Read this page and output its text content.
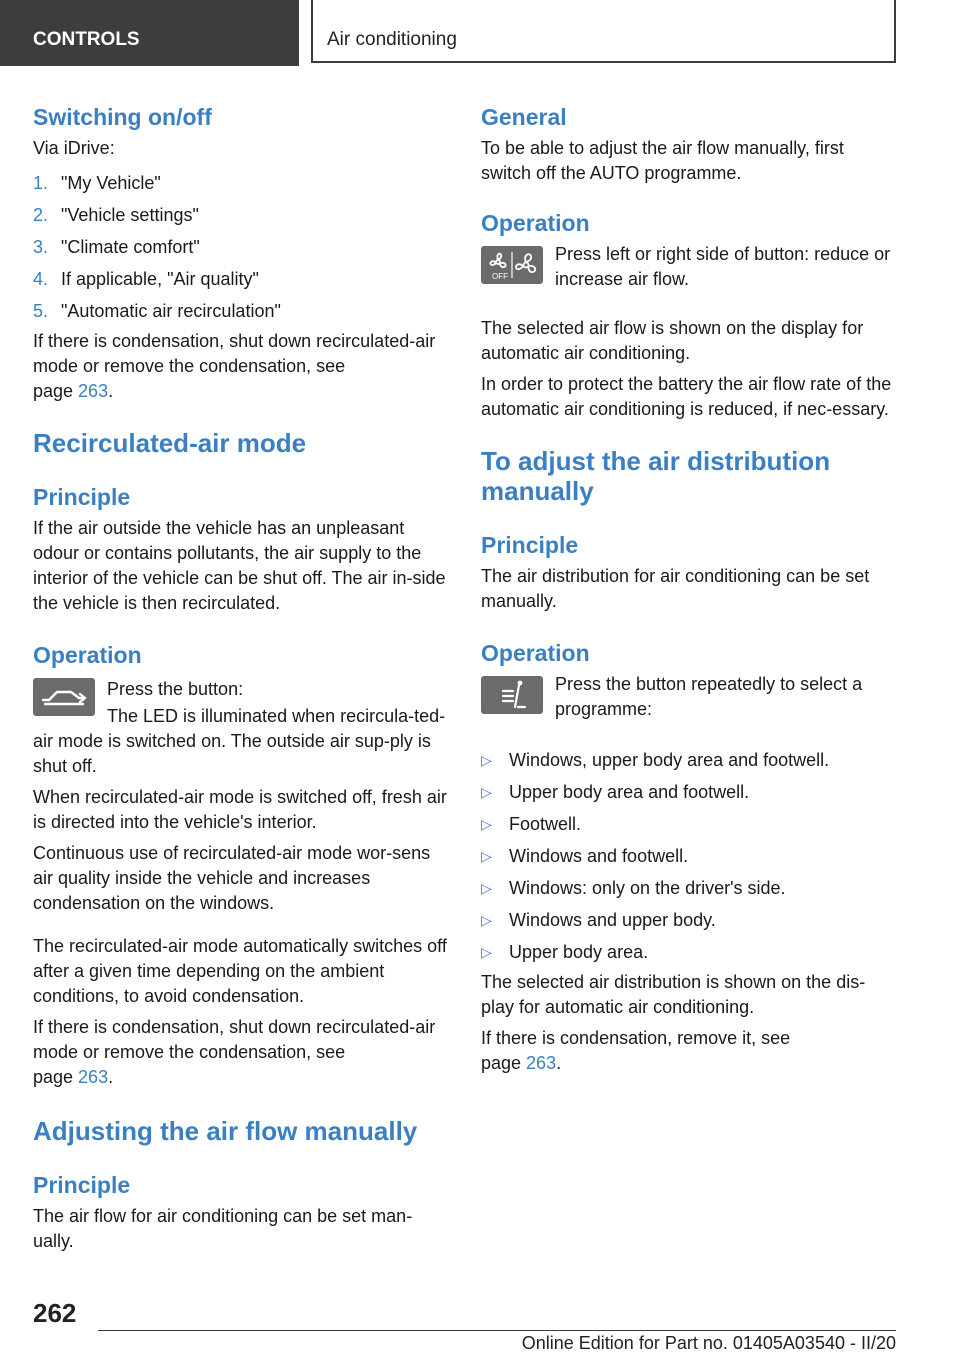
CONTROLS	Air conditioning
Switching on/off

Via iDrive:

1. "My Vehicle"
2. "Vehicle settings"
3. "Climate comfort"
4. If applicable, "Air quality"
5. "Automatic air recirculation"

If there is condensation, shut down recirculated-air mode or remove the condensation, see
page 263.

Recirculated-air mode
Principle

If the air outside the vehicle has an unpleasant odour or contains pollutants, the air supply to the interior of the vehicle can be shut off. The air in-side the vehicle is then recirculated.

Operation

Press the button:

The LED is illuminated when recircula-ted-air mode is switched on. The outside air sup-ply is shut off.

When recirculated-air mode is switched off, fresh air is directed into the vehicle's interior.

Continuous use of recirculated-air mode wor-sens air quality inside the vehicle and increases condensation on the windows.

The recirculated-air mode automatically switches off after a given time depending on the ambient conditions, to avoid condensation.

If there is condensation, shut down recirculated-air mode or remove the condensation, see
page 263.

Adjusting the air flow manually
Principle

The air flow for air conditioning can be set man-ually.

General

To be able to adjust the air flow manually, first switch off the AUTO programme.

Operation
OFF

Press left or right side of button: reduce or increase air flow.

The selected air flow is shown on the display for automatic air conditioning.

In order to protect the battery the air flow rate of the automatic air conditioning is reduced, if nec-essary.

To adjust the air distribution manually
Principle

The air distribution for air conditioning can be set manually.

Operation

Press the button repeatedly to select a programme:

▷ Windows, upper body area and footwell.
▷ Upper body area and footwell.
▷ Footwell.
▷ Windows and footwell.
▷ Windows: only on the driver's side.
▷ Windows and upper body.
▷ Upper body area.

The selected air distribution is shown on the dis-play for automatic air conditioning.

If there is condensation, remove it, see
page 263.

262
Online Edition for Part no. 01405A03540 - II/20
